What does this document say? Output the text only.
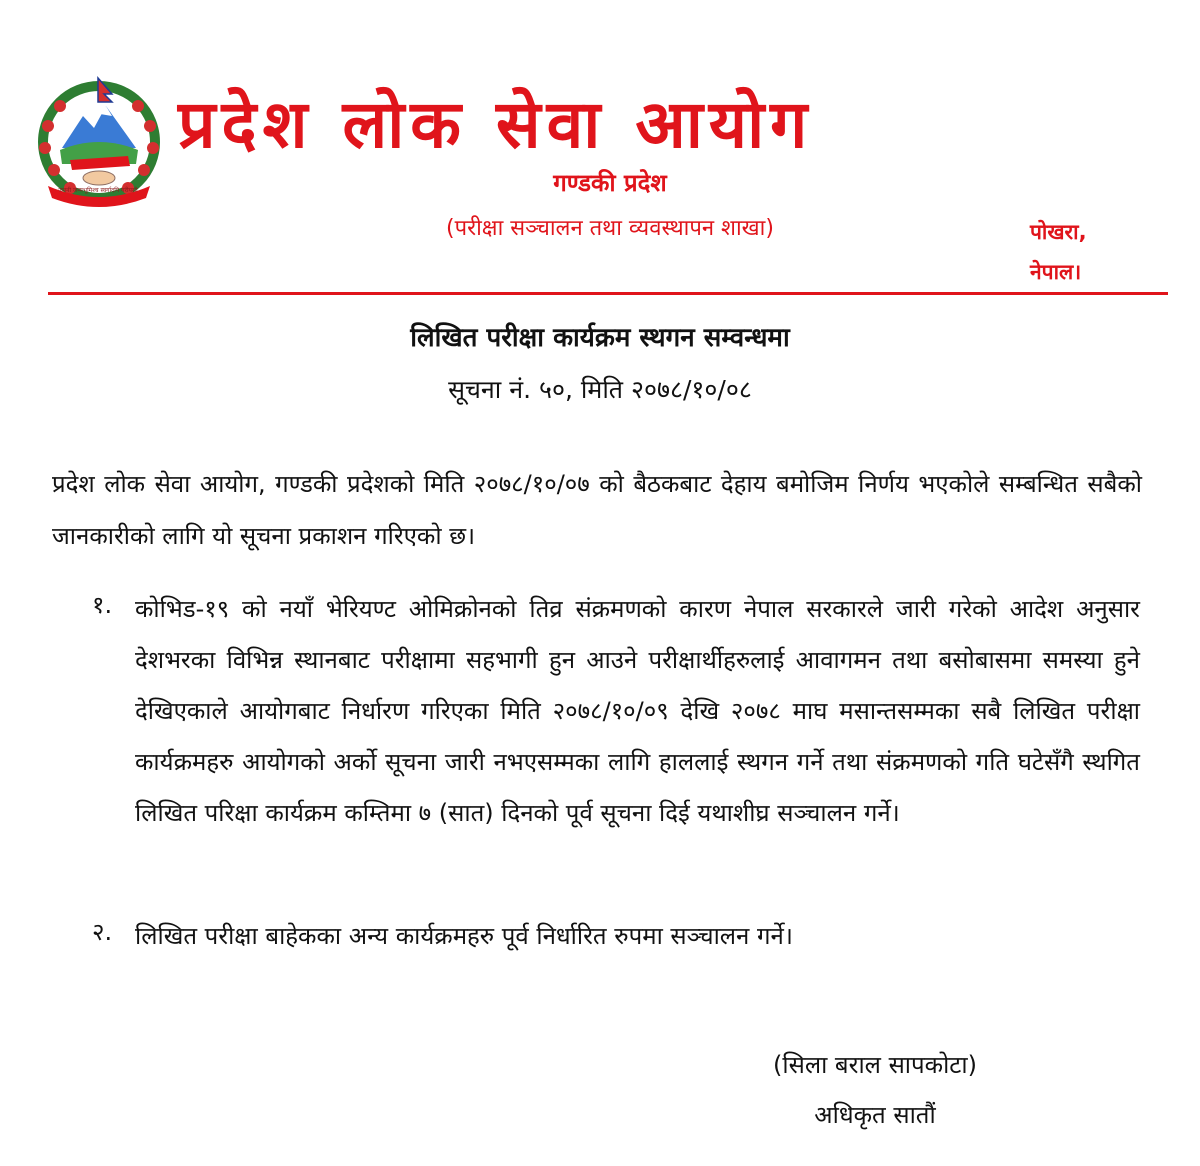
जननी जन्मभूमिश्च स्वर्गादपि गरीयसी
प्रदेश लोक सेवा आयोग
गण्डकी प्रदेश
(परीक्षा सञ्चालन तथा व्यवस्थापन शाखा)	पोखरा,
नेपाल।
लिखित परीक्षा कार्यक्रम स्थगन सम्वन्धमा
सूचना नं. ५०, मिति २०७८/१०/०८
प्रदेश लोक सेवा आयोग, गण्डकी प्रदेशको मिति २०७८/१०/०७ को बैठकबाट देहाय बमोजिम निर्णय भएकोले सम्बन्धित सबैको जानकारीको लागि यो सूचना प्रकाशन गरिएको छ।
१. कोभिड-१९ को नयाँ भेरियण्ट ओमिक्रोनको तिव्र संक्रमणको कारण नेपाल सरकारले जारी गरेको आदेश अनुसार देशभरका विभिन्न स्थानबाट परीक्षामा सहभागी हुन आउने परीक्षार्थीहरुलाई आवागमन तथा बसोबासमा समस्या हुने देखिएकाले आयोगबाट निर्धारण गरिएका मिति २०७८/१०/०९ देखि २०७८ माघ मसान्तसम्मका सबै लिखित परीक्षा कार्यक्रमहरु आयोगको अर्को सूचना जारी नभएसम्मका लागि हाललाई स्थगन गर्ने तथा संक्रमणको गति घटेसँगै स्थगित लिखित परिक्षा कार्यक्रम कम्तिमा ७ (सात) दिनको पूर्व सूचना दिई यथाशीघ्र सञ्चालन गर्ने।
२. लिखित परीक्षा बाहेकका अन्य कार्यक्रमहरु पूर्व निर्धारित रुपमा सञ्चालन गर्ने।
(सिला बराल सापकोटा)
अधिकृत सातौं
